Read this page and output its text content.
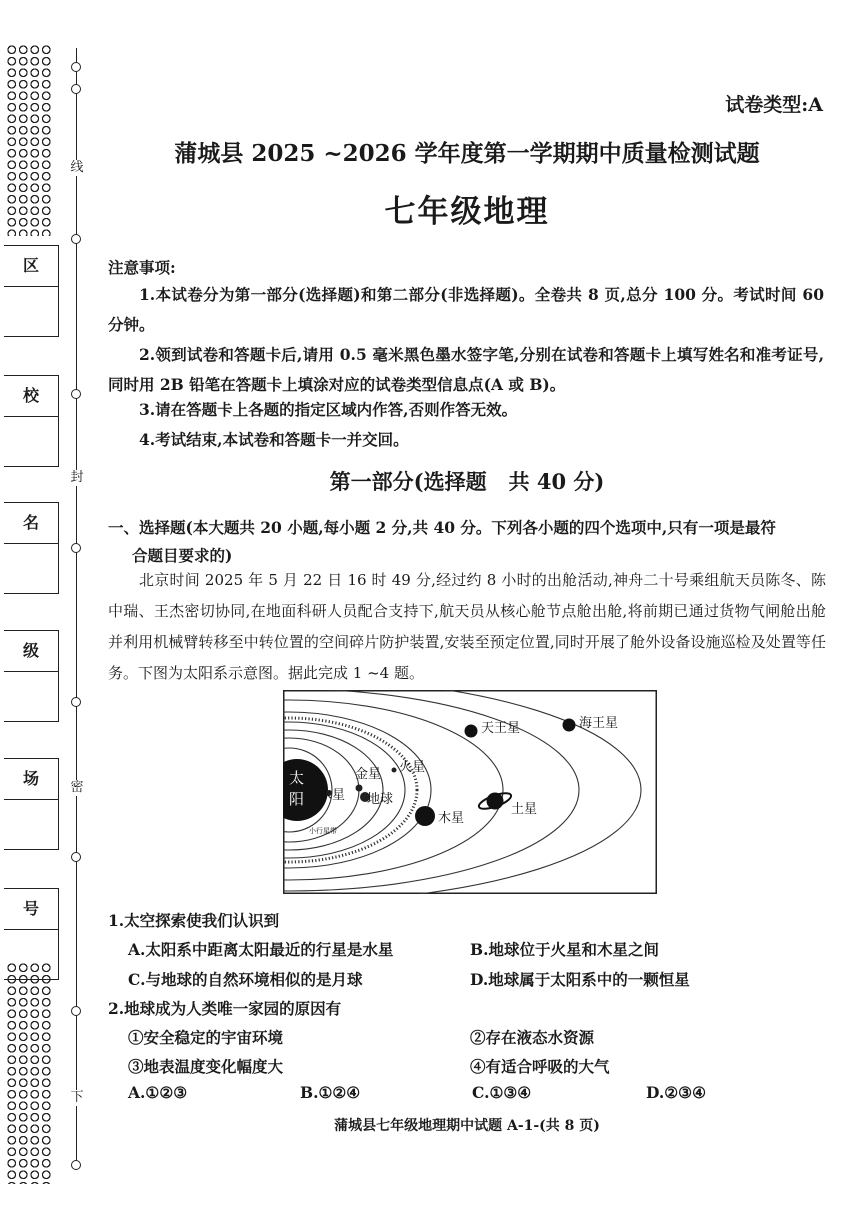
线
封
密
下
区
校
名
级
场
号
试卷类型:A
蒲城县 2025 ~2026 学年度第一学期期中质量检测试题
七年级地理
注意事项:

1.本试卷分为第一部分(选择题)和第二部分(非选择题)。全卷共 8 页,总分 100 分。考试时间 60 分钟。

2.领到试卷和答题卡后,请用 0.5 毫米黑色墨水签字笔,分别在试卷和答题卡上填写姓名和准考证号,同时用 2B 铅笔在答题卡上填涂对应的试卷类型信息点(A 或 B)。

3.请在答题卡上各题的指定区域内作答,否则作答无效。

4.考试结束,本试卷和答题卡一并交回。

第一部分(选择题   共 40 分)
一、选择题(本大题共 20 小题,每小题 2 分,共 40 分。下列各小题的四个选项中,只有一项是最符
合题目要求的)

北京时间 2025 年 5 月 22 日 16 时 49 分,经过约 8 小时的出舱活动,神舟二十号乘组航天员陈冬、陈中瑞、王杰密切协同,在地面科研人员配合支持下,航天员从核心舱节点舱出舱,将前期已通过货物气闸舱出舱并利用机械臂转移至中转位置的空间碎片防护装置,安装至预定位置,同时开展了舱外设备设施巡检及处置等任务。下图为太阳系示意图。据此完成 1 ~4 题。

太阳 水星
金星
地球
火星
木星
土星
天王星	海王星
小行星带
1.太空探索使我们认识到
A.太阳系中距离太阳最近的行星是水星	B.地球位于火星和木星之间
C.与地球的自然环境相似的是月球	D.地球属于太阳系中的一颗恒星
2.地球成为人类唯一家园的原因有
①安全稳定的宇宙环境	②存在液态水资源
③地表温度变化幅度大	④有适合呼吸的大气
A.①②③	B.①②④	C.①③④	D.②③④
蒲城县七年级地理期中试题 A-1-(共 8 页)
